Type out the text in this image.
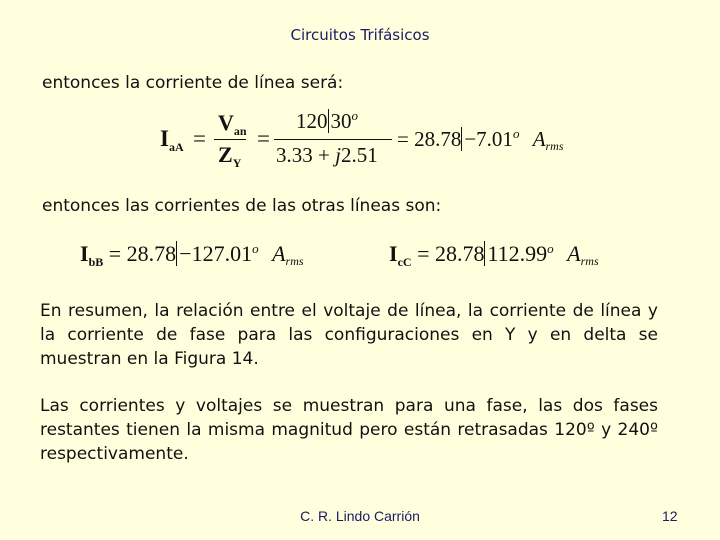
Circuitos Trifásicos
entonces la corriente de línea será:
$I_{aA}$ =
$V_{an}$
$Z_Y$
=
120 30$^o$
3.33 + j2.51
= $28.78 -7.01^o$ Arms
entonces las corrientes de las otras líneas son:
$I_{bB} = 28.78 -127.01^o$ Arms	$I_{cC} = 28.78$ 112.99$^o$ Arms
En resumen, la relación entre el voltaje de línea, la corriente de línea y la corriente de fase para las configuraciones en Y y en delta se muestran en la Figura 14.
Las corrientes y voltajes se muestran para una fase, las dos fases restantes tienen la misma magnitud pero están retrasadas 120º y 240º respectivamente.
C. R. Lindo Carrión	12
